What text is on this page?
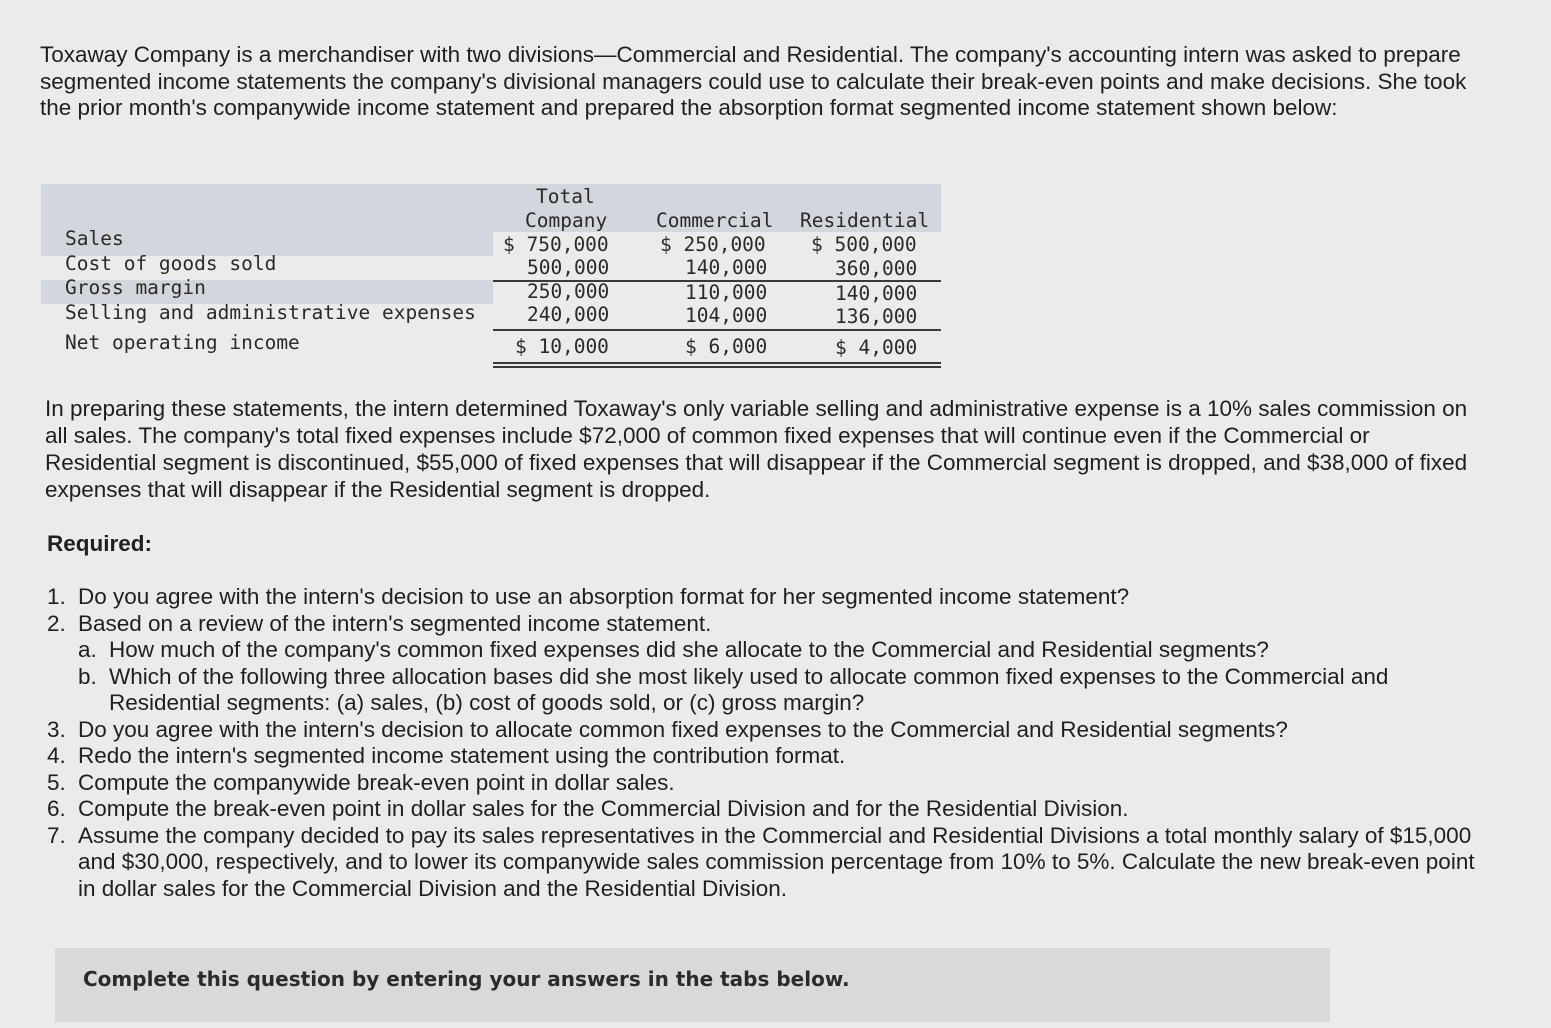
Toxaway Company is a merchandiser with two divisions—Commercial and Residential. The company's accounting intern was asked to prepare segmented income statements the company's divisional managers could use to calculate their break-even points and make decisions. She took the prior month's companywide income statement and prepared the absorption format segmented income statement shown below:

Total
Company	Commercial Residential
Sales	$ 750,000	$ 250,000 $ 500,000
Cost of goods sold	500,000	140,000	360,000
Gross margin	250,000	110,000	140,000
Selling and administrative expenses	240,000	104,000	136,000
Net operating income	$ 10,000	$ 6,000	$ 4,000

In preparing these statements, the intern determined Toxaway's only variable selling and administrative expense is a 10% sales commission on all sales. The company's total fixed expenses include $72,000 of common fixed expenses that will continue even if the Commercial or Residential segment is discontinued, $55,000 of fixed expenses that will disappear if the Commercial segment is dropped, and $38,000 of fixed expenses that will disappear if the Residential segment is dropped.

Required:
1. Do you agree with the intern's decision to use an absorption format for her segmented income statement?
2. Based on a review of the intern's segmented income statement.
a. How much of the company's common fixed expenses did she allocate to the Commercial and Residential segments?
b. Which of the following three allocation bases did she most likely used to allocate common fixed expenses to the Commercial and Residential segments: (a) sales, (b) cost of goods sold, or (c) gross margin?
3. Do you agree with the intern's decision to allocate common fixed expenses to the Commercial and Residential segments?
4. Redo the intern's segmented income statement using the contribution format.
5. Compute the companywide break-even point in dollar sales.
6. Compute the break-even point in dollar sales for the Commercial Division and for the Residential Division.
7. Assume the company decided to pay its sales representatives in the Commercial and Residential Divisions a total monthly salary of $15,000 and $30,000, respectively, and to lower its companywide sales commission percentage from 10% to 5%. Calculate the new break-even point in dollar sales for the Commercial Division and the Residential Division.
Complete this question by entering your answers in the tabs below.
